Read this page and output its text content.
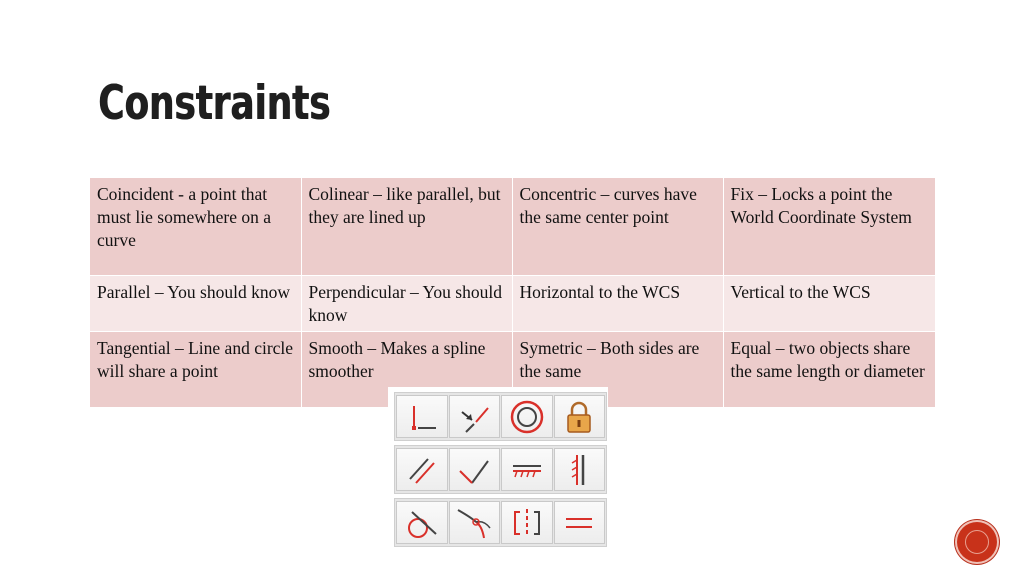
Constraints
Coincident - a point that must lie somewhere on a curve	Colinear – like parallel, but they are lined up	Concentric – curves have the same center point	Fix – Locks a point the World Coordinate System
Parallel – You should know	Perpendicular – You should know	Horizontal to the WCS	Vertical to the WCS
Tangential – Line and circle will share a point	Smooth – Makes a spline smoother	Symetric – Both sides are the same	Equal – two objects share the same length or diameter
